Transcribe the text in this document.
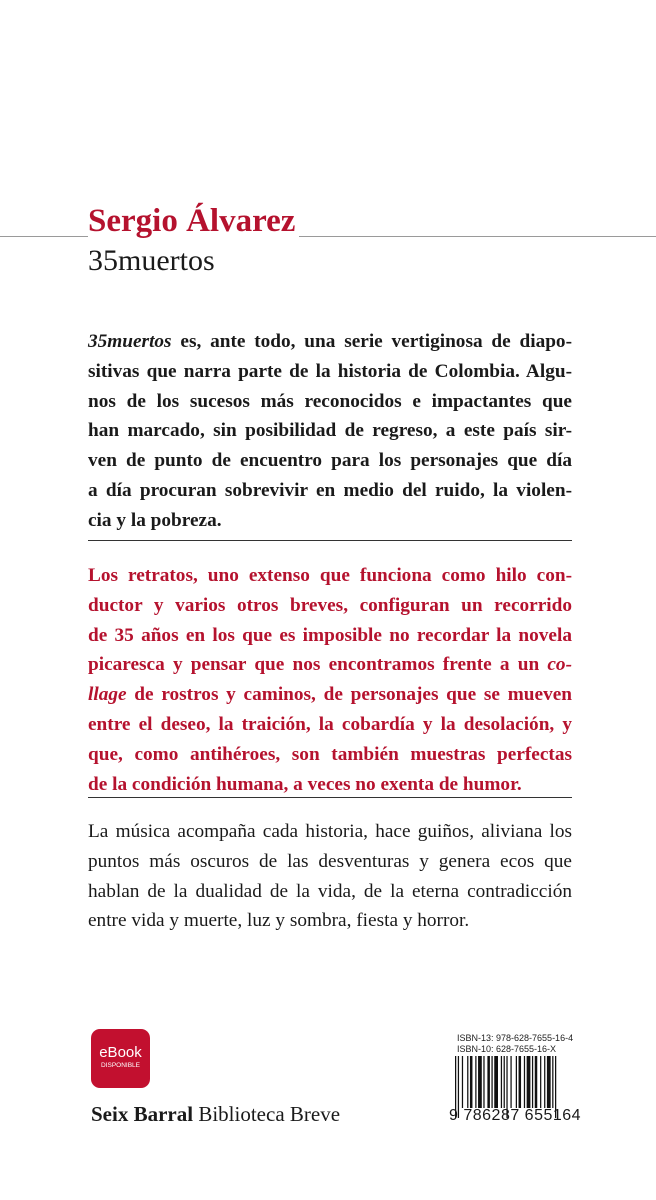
Sergio Álvarez
35muertos
35muertos es, ante todo, una serie vertiginosa de diapo-
sitivas que narra parte de la historia de Colombia. Algu-
nos de los sucesos más reconocidos e impactantes que
han marcado, sin posibilidad de regreso, a este país sir-
ven de punto de encuentro para los personajes que día
a día procuran sobrevivir en medio del ruido, la violen-
cia y la pobreza.
Los retratos, uno extenso que funciona como hilo con-
ductor y varios otros breves, configuran un recorrido
de 35 años en los que es imposible no recordar la novela
picaresca y pensar que nos encontramos frente a un co-
llage de rostros y caminos, de personajes que se mueven
entre el deseo, la traición, la cobardía y la desolación, y
que, como antihéroes, son también muestras perfectas
de la condición humana, a veces no exenta de humor.
La música acompaña cada historia, hace guiños, aliviana los
puntos más oscuros de las desventuras y genera ecos que
hablan de la dualidad de la vida, de la eterna contradicción
entre vida y muerte, luz y sombra, fiesta y horror.
eBook
DISPONIBLE
Seix Barral Biblioteca Breve
ISBN-13: 978-628-7655-16-4
ISBN-10: 628-7655-16-X
9 786287 655164
